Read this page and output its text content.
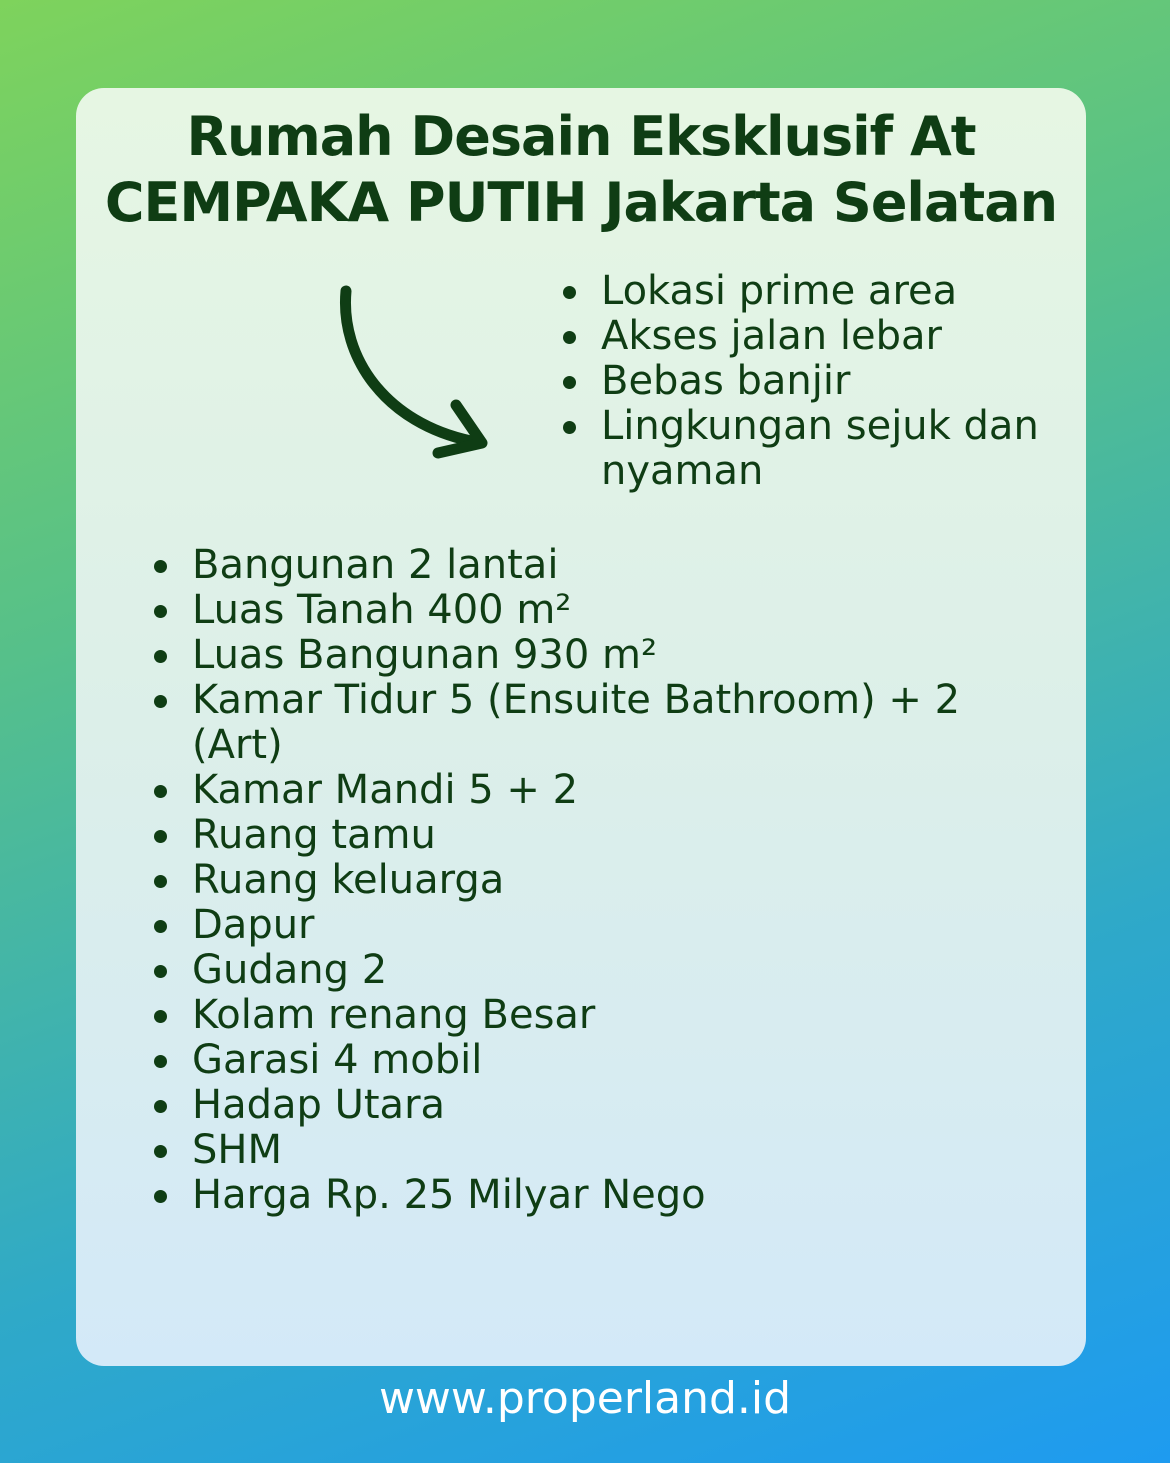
Rumah Desain Eksklusif At
CEMPAKA PUTIH Jakarta Selatan
Lokasi prime area
Akses jalan lebar
Bebas banjir
Lingkungan sejuk dan nyaman
Bangunan 2 lantai
Luas Tanah 400 m²
Luas Bangunan 930 m²
Kamar Tidur 5 (Ensuite Bathroom) + 2 (Art)
Kamar Mandi 5 + 2
Ruang tamu
Ruang keluarga
Dapur
Gudang 2
Kolam renang Besar
Garasi 4 mobil
Hadap Utara
SHM
Harga Rp. 25 Milyar Nego
www.properland.id
